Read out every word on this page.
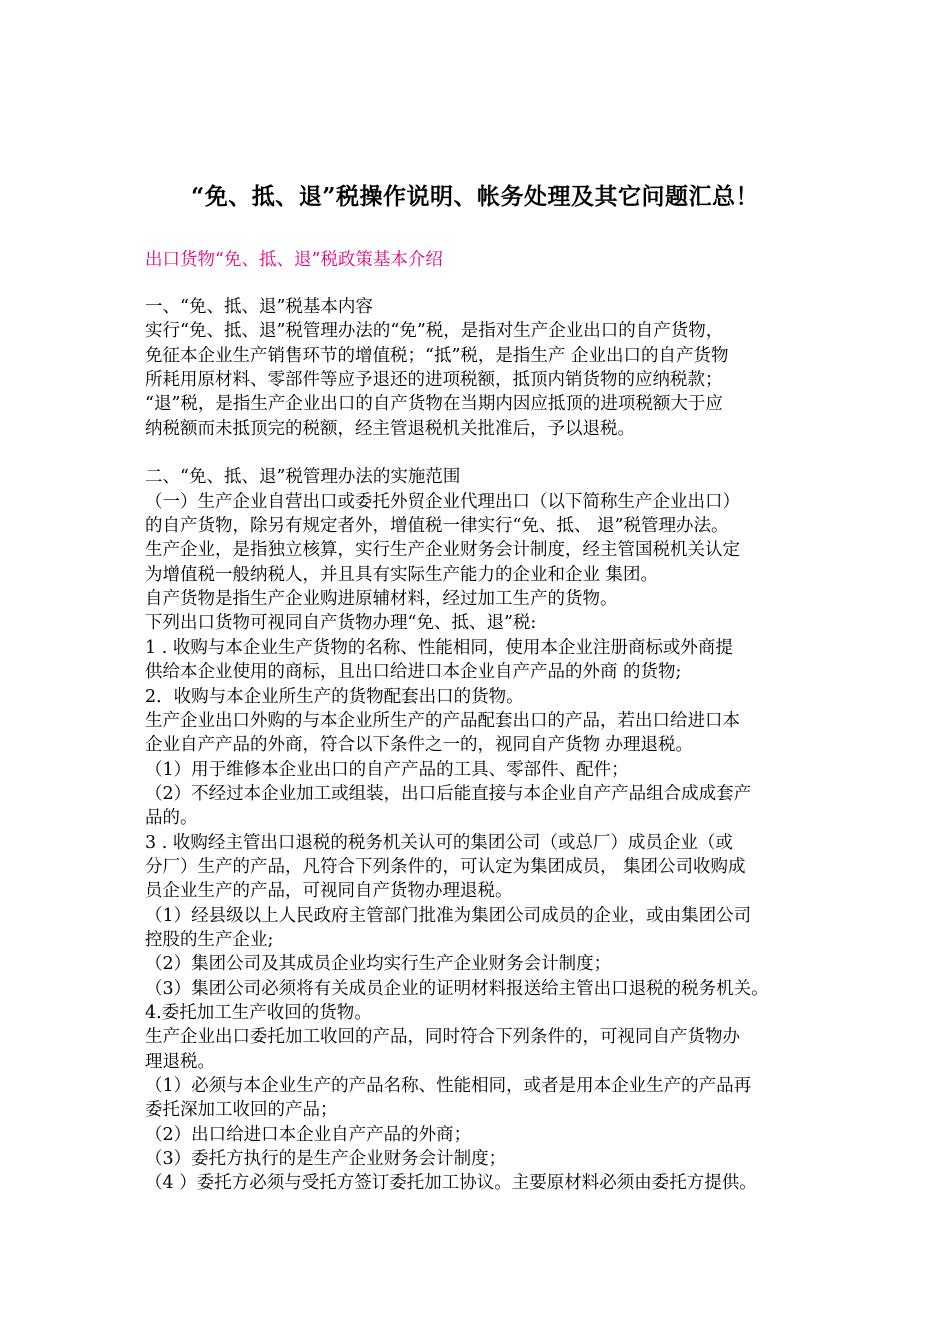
“免、抵、退”税操作说明、帐务处理及其它问题汇总！
出口货物“免、抵、退”税政策基本介绍
一、“免、抵、退”税基本内容
实行“免、抵、退”税管理办法的“免”税，是指对生产企业出口的自产货物，
免征本企业生产销售环节的增值税；“抵”税，是指生产 企业出口的自产货物
所耗用原材料、零部件等应予退还的进项税额，抵顶内销货物的应纳税款；
“退”税，是指生产企业出口的自产货物在当期内因应抵顶的进项税额大于应
纳税额而未抵顶完的税额，经主管退税机关批准后，予以退税。
二、“免、抵、退”税管理办法的实施范围
（一）生产企业自营出口或委托外贸企业代理出口（以下简称生产企业出口）
的自产货物，除另有规定者外，增值税一律实行“免、抵、 退”税管理办法。
生产企业，是指独立核算，实行生产企业财务会计制度，经主管国税机关认定
为增值税一般纳税人，并且具有实际生产能力的企业和企业 集团。
自产货物是指生产企业购进原辅材料，经过加工生产的货物。
下列出口货物可视同自产货物办理“免、抵、退”税:
1 . 收购与本企业生产货物的名称、性能相同，使用本企业注册商标或外商提
供给本企业使用的商标，且出口给进口本企业自产产品的外商 的货物;
2．收购与本企业所生产的货物配套出口的货物。
生产企业出口外购的与本企业所生产的产品配套出口的产品，若出口给进口本
企业自产产品的外商，符合以下条件之一的，视同自产货物 办理退税。
（1）用于维修本企业出口的自产产品的工具、零部件、配件；
（2）不经过本企业加工或组装，出口后能直接与本企业自产产品组合成成套产
品的。
3 . 收购经主管出口退税的税务机关认可的集团公司（或总厂）成员企业（或
分厂）生产的产品，凡符合下列条件的，可认定为集团成员， 集团公司收购成
员企业生产的产品，可视同自产货物办理退税。
（1）经县级以上人民政府主管部门批准为集团公司成员的企业，或由集团公司
控股的生产企业;
（2）集团公司及其成员企业均实行生产企业财务会计制度；
（3）集团公司必须将有关成员企业的证明材料报送给主管出口退税的税务机关。
4.委托加工生产收回的货物。
生产企业出口委托加工收回的产品，同时符合下列条件的，可视同自产货物办
理退税。
（1）必须与本企业生产的产品名称、性能相同，或者是用本企业生产的产品再
委托深加工收回的产品；
（2）出口给进口本企业自产产品的外商；
（3）委托方执行的是生产企业财务会计制度；
（4 ）委托方必须与受托方签订委托加工协议。主要原材料必须由委托方提供。
